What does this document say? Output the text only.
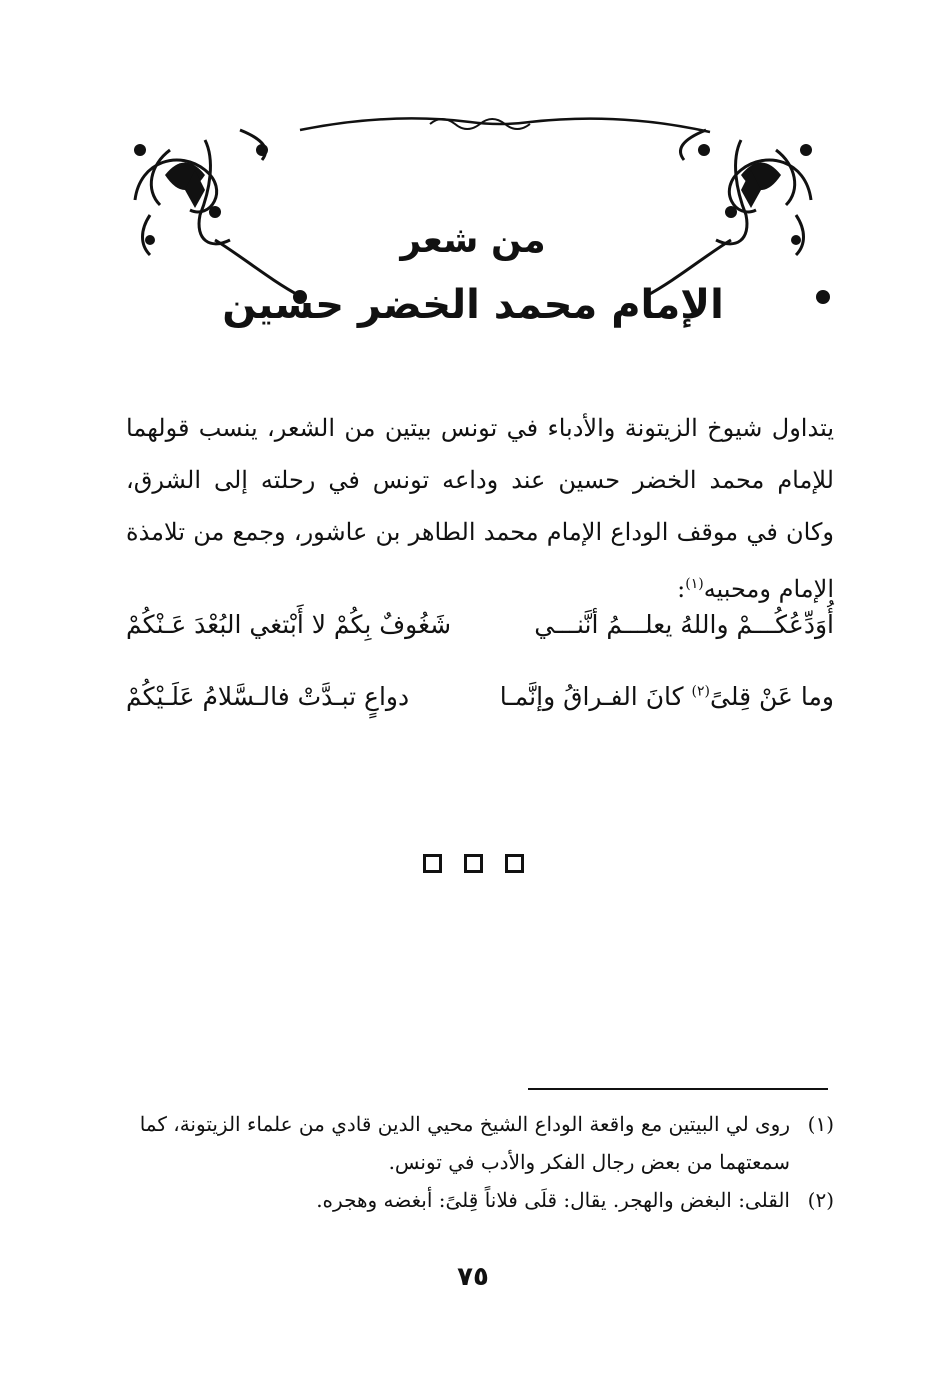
من شعر
الإمام محمد الخضر حسين
يتداول شيوخ الزيتونة والأدباء في تونس بيتين من الشعر، ينسب قولهما للإمام محمد الخضر حسين عند وداعه تونس في رحلته إلى الشرق، وكان في موقف الوداع الإمام محمد الطاهر بن عاشور، وجمع من تلامذة الإمام ومحبيه$^{(١)}$:
أُوَدِّعُكُـــمْ واللهُ يعلـــمُ أنَّنـــي
شَغُوفٌ بِكُمْ لا أَبْتغي البُعْدَ عَـنْكُمْ
وما عَنْ قِلىً$^{(٢)}$ كانَ الفـراقُ وإنَّمـا
دواعٍ تبـدَّتْ فالـسَّلامُ عَلَـيْكُمْ

(١)روى لي البيتين مع واقعة الوداع الشيخ محيي الدين قادي من علماء الزيتونة، كما
سمعتهما من بعض رجال الفكر والأدب في تونس.
(٢)القلى: البغض والهجر. يقال: قلَى فلاناً قِلىً: أبغضه وهجره.
٧٥
